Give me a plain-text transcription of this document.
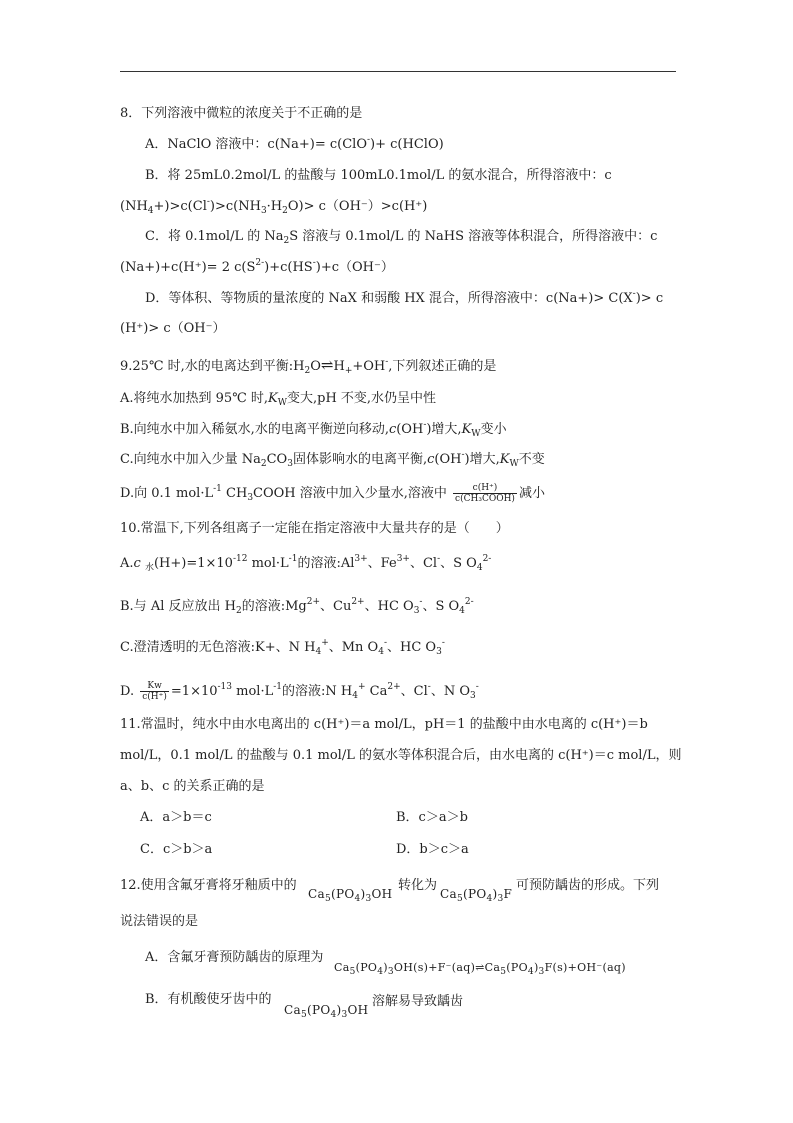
8．下列溶液中微粒的浓度关于不正确的是
A．NaClO 溶液中：c(Na+)= c(ClO-)+ c(HClO)
B．将 25mL0.2mol/L 的盐酸与 100mL0.1mol/L 的氨水混合，所得溶液中：c
$(NH_4+)>c(Cl^-)>c(NH_3\cdot H_2O)> c(OH^-)>c(H^+)$
C．将 0.1mol/L 的 $Na_2S$ 溶液与 0.1mol/L 的 NaHS 溶液等体积混合，所得溶液中：c
(Na+)+c(H⁺)= 2 $c(S^{2-})+c(HS^-)+c(OH^-)$
D．等体积、等物质的量浓度的 NaX 和弱酸 HX 混合，所得溶液中：c(Na+)> C(X-)> c
(H⁺)> c（OH⁻）
9.25℃ 时,水的电离达到平衡$:H_2O\rightleftharpoons H_++OH^-$,下列叙述正确的是
A.将纯水加热到 95℃ 时$,K_W$变大,pH 不变,水仍呈中性
B.向纯水中加入稀氨水,水的电离平衡逆向移动,c(OH-)增大$,K_W$变小
C.向纯水中加入少量 $Na_2CO_3$固体影响水的电离平衡,c(OH-)增大$,K_W$不变
D.向 0.1 $mol\cdot L^{-1}$ $CH_3COOH$ 溶液中加入少量水,溶液中 $\frac{c(H^+)}{\text{c(CH₃COOH)}}$ 减小
10.常温下,下列各组离子一定能在指定溶液中大量共存的是（　　）
A.c $_水(H+)=1\times 10^{-12}$ $mol\cdot L^{-1}$的溶液$:Al^{3+}$、$Fe^{3+}$、Cl-、S $O_4^{2-}$
B.与 Al 反应放出 $H_2$的溶液$:Mg^{2+}$、$Cu^{2+}$、HC $O_3^-$、S $O_4^{2-}$
C.澄清透明的无色溶液:K+、N $H_4^+$、Mn $O_4^-$、HC $O_3^-$
D. $\frac{Kw}{c(H^+)} =1\times 10^{-13}$ $mol\cdot L^{-1}$的溶液:N $H_4^+$ $Ca^{2+}$、Cl-、N $O_3^-$
11.常温时，纯水中由水电离出的 c(H⁺)＝a mol/L，pH＝1 的盐酸中由水电离的 c(H⁺)＝b
mol/L，0.1 mol/L 的盐酸与 0.1 mol/L 的氨水等体积混合后，由水电离的 c(H⁺)＝c mol/L，则
a、b、c 的关系正确的是
A．a＞b＝c	B．c＞a＞b
C．c＞b＞a	D．b＞c＞a
12.使用含氟牙膏将牙釉质中的
$Ca_5(PO_4)_3OH$
转化为
$Ca_5(PO_4)_3F$
可预防龋齿的形成。下列
说法错误的是
A．含氟牙膏预防龋齿的原理为
$Ca_5(PO_4)_3OH(s)+F^-(aq)\rightleftharpoons Ca_5(PO_4)_3F(s)+OH^-(aq)$
B．有机酸使牙齿中的
$Ca_5(PO_4)_3OH$
溶解易导致龋齿
